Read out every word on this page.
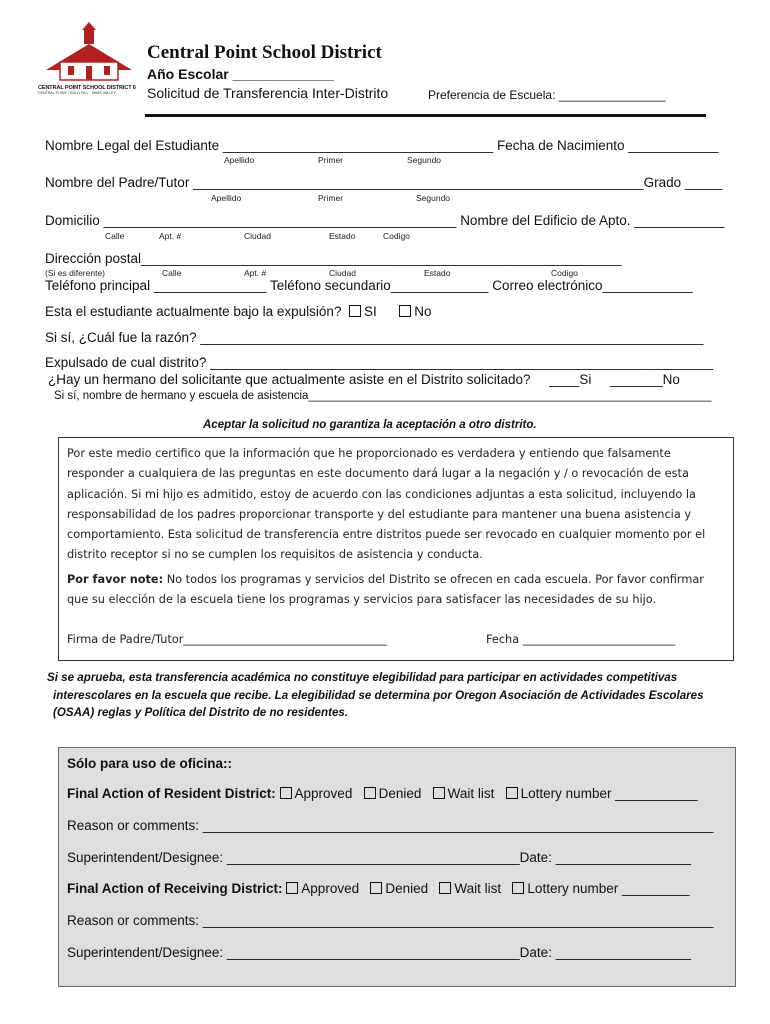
CENTRAL POINT SCHOOL DISTRICT 6
CENTRAL POINT · GOLD HILL · SAMS VALLEY
Central Point School District
Año Escolar _____________
Solicitud de Transferencia Inter-Distrito	Preferencia de Escuela: ________________
Nombre Legal del Estudiante ____________________________________ Fecha de Nacimiento ____________
Apellido	Primer	Segundo
Nombre del Padre/Tutor ____________________________________________________________Grado _____
Apellido	Primer	Segundo
Domicilio _______________________________________________ Nombre del Edificio de Apto. ____________
Calle	Apt. #	Ciudad	Estado	Codigo
Dirección postal________________________________________________________________
(Si es diferente)	Calle	Apt. #	Ciudad	Estado	Codigo
Teléfono principal _______________ Teléfono secundario_____________ Correo electrónico____________
Esta el estudiante actualmente bajo la expulsión? SI	No
Si sí, ¿Cuál fue la razón? ___________________________________________________________________
Expulsado de cual distrito? ___________________________________________________________________
¿Hay un hermano del solicitante que actualmente asiste en el Distrito solicitado? ____Si _______No
Si sí, nombre de hermano y escuela de asistencia_______________________________________________________________
Aceptar la solicitud no garantiza la aceptación a otro distrito.

Por este medio certifico que la información que he proporcionado es verdadera y entiendo que falsamente responder a cualquiera de las preguntas en este documento dará lugar a la negación y / o revocación de esta aplicación. Si mi hijo es admitido, estoy de acuerdo con las condiciones adjuntas a esta solicitud, incluyendo la responsabilidad de los padres proporcionar transporte y del estudiante para mantener una buena asistencia y comportamiento. Esta solicitud de transferencia entre distritos puede ser revocado en cualquier momento por el distrito receptor si no se cumplen los requisitos de asistencia y conducta.

Por favor note: No todos los programas y servicios del Distrito se ofrecen en cada escuela. Por favor confirmar que su elección de la escuela tiene los programas y servicios para satisfacer las necesidades de su hijo.

Firma de Padre/Tutor____________________________________	Fecha ___________________________
Si se aprueba, esta transferencia académica no constituye elegibilidad para participar en actividades competitivas interescolares en la escuela que recibe. La elegibilidad se determina por Oregon Asociación de Actividades Escolares (OSAA) reglas y Política del Distrito de no residentes.
Sólo para uso de oficina::
Final Action of Resident District: Approved Denied Wait list Lottery number ___________
Reason or comments: ____________________________________________________________________
Superintendent/Designee: _______________________________________Date: __________________
Final Action of Receiving District: Approved Denied Wait list Lottery number _________
Reason or comments: ____________________________________________________________________
Superintendent/Designee: _______________________________________Date: __________________
